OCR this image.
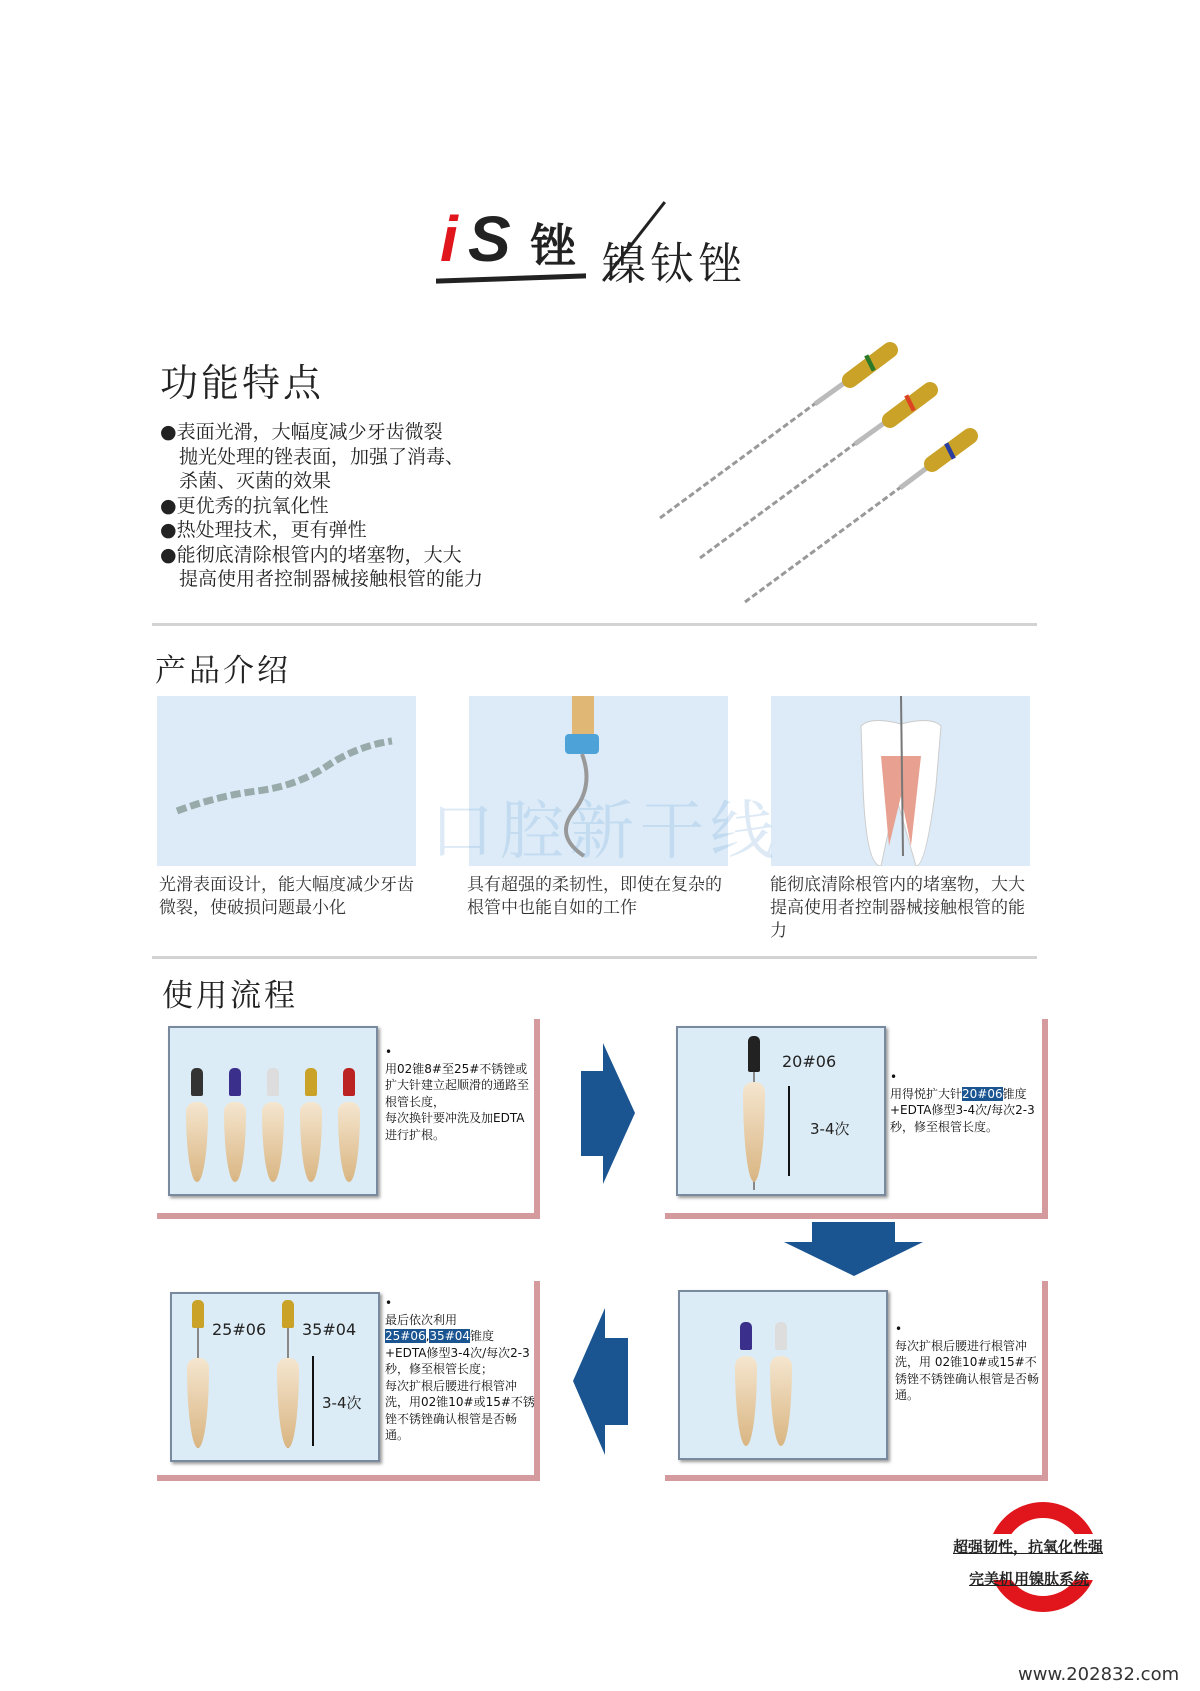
i S 锉 镍钛锉
功能特点
●表面光滑，大幅度减少牙齿微裂
　抛光处理的锉表面，加强了消毒、
　杀菌、灭菌的效果
●更优秀的抗氧化性
●热处理技术，更有弹性
●能彻底清除根管内的堵塞物，大大
　提高使用者控制器械接触根管的能力
产品介绍
口腔新干线
光滑表面设计，能大幅度减少牙齿微裂，使破损问题最小化
具有超强的柔韧性，即使在复杂的根管中也能自如的工作
能彻底清除根管内的堵塞物，大大提高使用者控制器械接触根管的能力
使用流程
•
用02锥8#至25#不锈锉或扩大针建立起顺滑的通路至根管长度，
每次换针要冲洗及加EDTA进行扩根。
20#06
3-4次
•
用得悦扩大针20#06锥度+EDTA修型3-4次/每次2-3秒，修至根管长度。
25#06 35#04
3-4次
•
最后依次利用25#06,35#04锥度+EDTA修型3-4次/每次2-3秒，修至根管长度；
每次扩根后腰进行根管冲洗，用02锥10#或15#不锈锉不锈锉确认根管是否畅通。
•
每次扩根后腰进行根管冲洗，用 02锥10#或15#不锈锉不锈锉确认根管是否畅通。
超强韧性，抗氧化性强
完美机用镍肽系统
www.202832.com
